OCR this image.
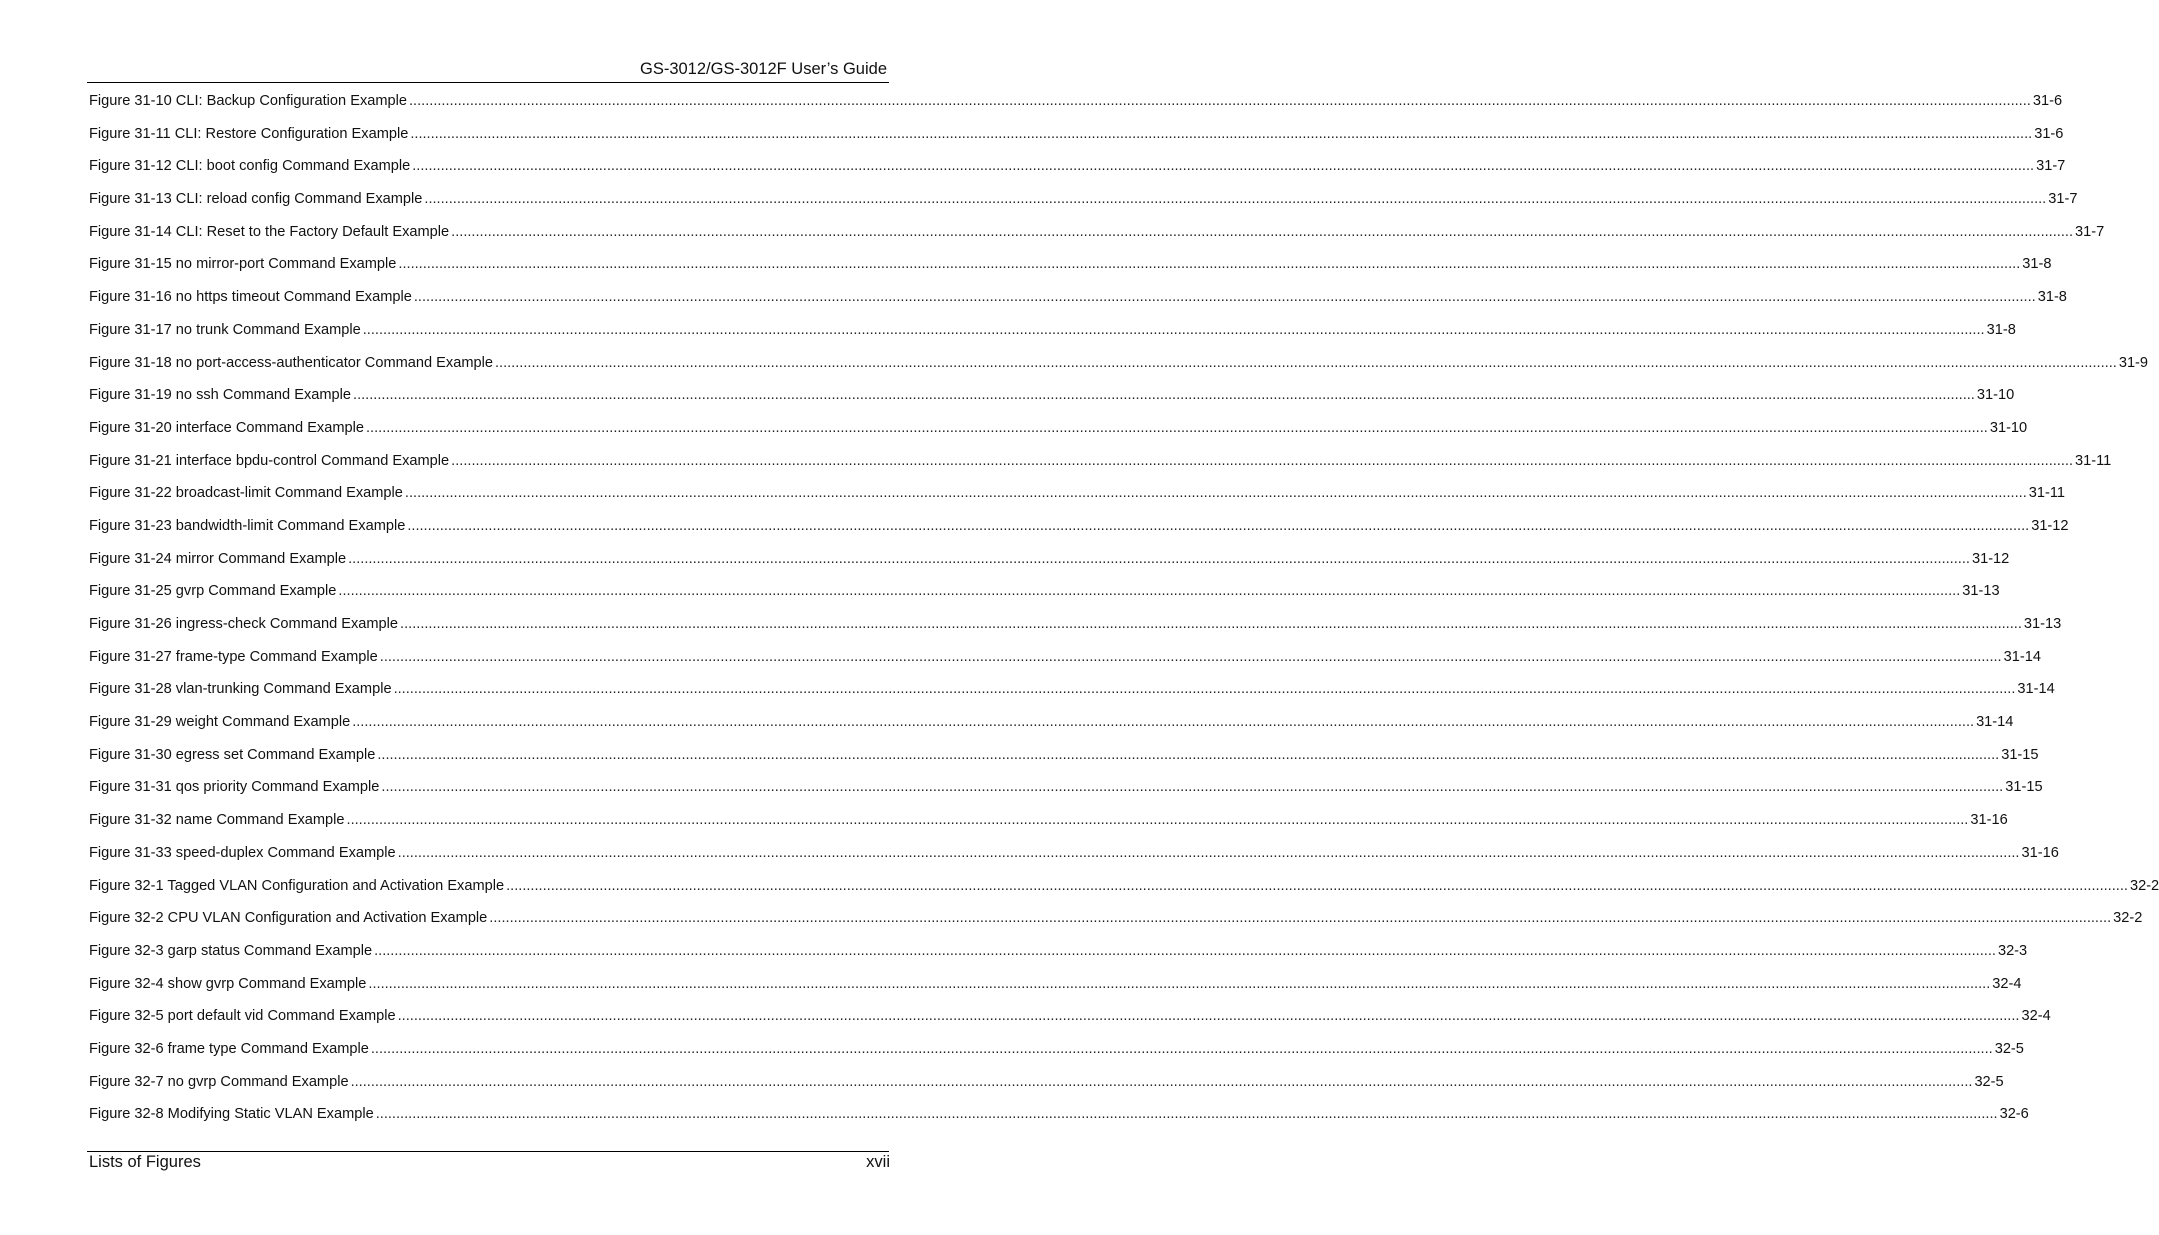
GS-3012/GS-3012F User’s Guide
Figure 31-10 CLI: Backup Configuration Example ................................................................................................................................................................................................................................................................................................................................................................................................................ 31-6
Figure 31-11 CLI: Restore Configuration Example ................................................................................................................................................................................................................................................................................................................................................................................................................ 31-6
Figure 31-12 CLI: boot config Command Example ................................................................................................................................................................................................................................................................................................................................................................................................................ 31-7
Figure 31-13 CLI: reload config Command Example ................................................................................................................................................................................................................................................................................................................................................................................................................ 31-7
Figure 31-14 CLI: Reset to the Factory Default Example ................................................................................................................................................................................................................................................................................................................................................................................................................ 31-7
Figure 31-15 no mirror-port Command Example ................................................................................................................................................................................................................................................................................................................................................................................................................ 31-8
Figure 31-16 no https timeout Command Example ................................................................................................................................................................................................................................................................................................................................................................................................................ 31-8
Figure 31-17 no trunk Command Example ................................................................................................................................................................................................................................................................................................................................................................................................................ 31-8
Figure 31-18 no port-access-authenticator Command Example ................................................................................................................................................................................................................................................................................................................................................................................................................ 31-9
Figure 31-19 no ssh Command Example ................................................................................................................................................................................................................................................................................................................................................................................................................ 31-10
Figure 31-20 interface Command Example ................................................................................................................................................................................................................................................................................................................................................................................................................ 31-10
Figure 31-21 interface bpdu-control Command Example ................................................................................................................................................................................................................................................................................................................................................................................................................ 31-11
Figure 31-22 broadcast-limit Command Example ................................................................................................................................................................................................................................................................................................................................................................................................................ 31-11
Figure 31-23 bandwidth-limit Command Example ................................................................................................................................................................................................................................................................................................................................................................................................................ 31-12
Figure 31-24 mirror Command Example ................................................................................................................................................................................................................................................................................................................................................................................................................ 31-12
Figure 31-25 gvrp Command Example ................................................................................................................................................................................................................................................................................................................................................................................................................ 31-13
Figure 31-26 ingress-check Command Example ................................................................................................................................................................................................................................................................................................................................................................................................................ 31-13
Figure 31-27 frame-type Command Example ................................................................................................................................................................................................................................................................................................................................................................................................................ 31-14
Figure 31-28 vlan-trunking Command Example ................................................................................................................................................................................................................................................................................................................................................................................................................ 31-14
Figure 31-29 weight Command Example ................................................................................................................................................................................................................................................................................................................................................................................................................ 31-14
Figure 31-30 egress set Command Example ................................................................................................................................................................................................................................................................................................................................................................................................................ 31-15
Figure 31-31 qos priority Command Example ................................................................................................................................................................................................................................................................................................................................................................................................................ 31-15
Figure 31-32 name Command Example ................................................................................................................................................................................................................................................................................................................................................................................................................ 31-16
Figure 31-33 speed-duplex Command Example ................................................................................................................................................................................................................................................................................................................................................................................................................ 31-16
Figure 32-1 Tagged VLAN Configuration and Activation Example ................................................................................................................................................................................................................................................................................................................................................................................................................ 32-2
Figure 32-2 CPU VLAN Configuration and Activation Example ................................................................................................................................................................................................................................................................................................................................................................................................................ 32-2
Figure 32-3 garp status Command Example ................................................................................................................................................................................................................................................................................................................................................................................................................ 32-3
Figure 32-4 show gvrp Command Example ................................................................................................................................................................................................................................................................................................................................................................................................................ 32-4
Figure 32-5 port default vid Command Example ................................................................................................................................................................................................................................................................................................................................................................................................................ 32-4
Figure 32-6 frame type Command Example ................................................................................................................................................................................................................................................................................................................................................................................................................ 32-5
Figure 32-7 no gvrp Command Example ................................................................................................................................................................................................................................................................................................................................................................................................................ 32-5
Figure 32-8 Modifying Static VLAN Example ................................................................................................................................................................................................................................................................................................................................................................................................................ 32-6
Lists of Figures	xvii
